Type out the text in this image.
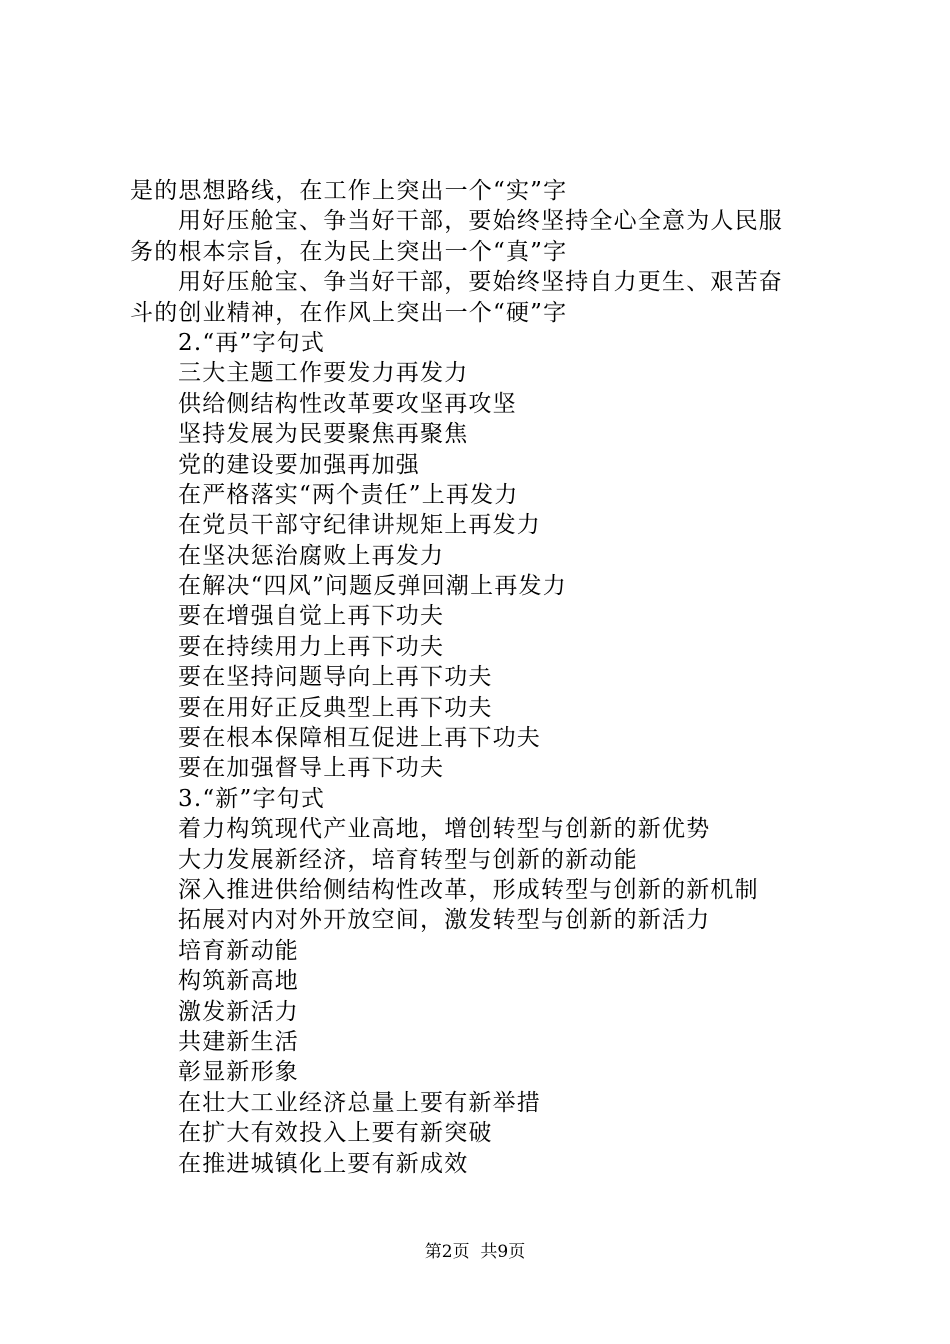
是的思想路线，在工作上突出一个“实”字
用好压舱宝、争当好干部，要始终坚持全心全意为人民服
务的根本宗旨，在为民上突出一个“真”字
用好压舱宝、争当好干部，要始终坚持自力更生、艰苦奋
斗的创业精神，在作风上突出一个“硬”字
2.“再”字句式
三大主题工作要发力再发力
供给侧结构性改革要攻坚再攻坚
坚持发展为民要聚焦再聚焦
党的建设要加强再加强
在严格落实“两个责任”上再发力
在党员干部守纪律讲规矩上再发力
在坚决惩治腐败上再发力
在解决“四风”问题反弹回潮上再发力
要在增强自觉上再下功夫
要在持续用力上再下功夫
要在坚持问题导向上再下功夫
要在用好正反典型上再下功夫
要在根本保障相互促进上再下功夫
要在加强督导上再下功夫
3.“新”字句式
着力构筑现代产业高地，增创转型与创新的新优势
大力发展新经济，培育转型与创新的新动能
深入推进供给侧结构性改革，形成转型与创新的新机制
拓展对内对外开放空间，激发转型与创新的新活力
培育新动能
构筑新高地
激发新活力
共建新生活
彰显新形象
在壮大工业经济总量上要有新举措
在扩大有效投入上要有新突破
在推进城镇化上要有新成效
第2页  共9页
